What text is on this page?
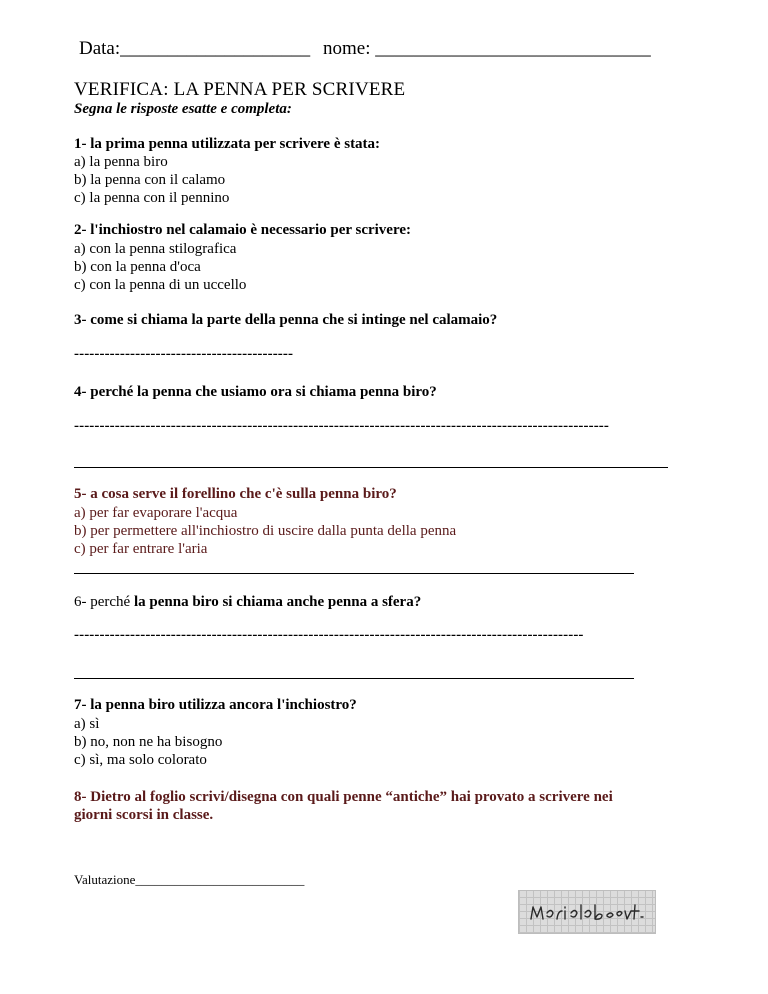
Data:____________________ nome: _____________________________
VERIFICA: LA PENNA PER SCRIVERE
Segna le risposte esatte e completa:
1- la prima penna utilizzata per scrivere è stata:
a) la penna biro
b) la penna con il calamo
c) la penna con il pennino
2- l'inchiostro nel calamaio è necessario per scrivere:
a) con la penna stilografica
b) con la penna d'oca
c) con la penna di un uccello
3- come si chiama la parte della penna che si intinge nel calamaio?
-------------------------------------------
4- perché la penna che usiamo ora si chiama penna biro?
---------------------------------------------------------------------------------------------------------
5- a cosa serve il forellino che c'è sulla penna biro?
a) per far evaporare l'acqua
b) per permettere all'inchiostro di uscire dalla punta della penna
c) per far entrare l'aria
6- perché la penna biro si chiama anche penna a sfera?
----------------------------------------------------------------------------------------------------
7- la penna biro utilizza ancora l'inchiostro?
a) sì
b) no, non ne ha bisogno
c) sì, ma solo colorato
8- Dietro al foglio scrivi/disegna con quali penne “antiche” hai provato a scrivere nei
giorni scorsi in classe.
Valutazione__________________________
